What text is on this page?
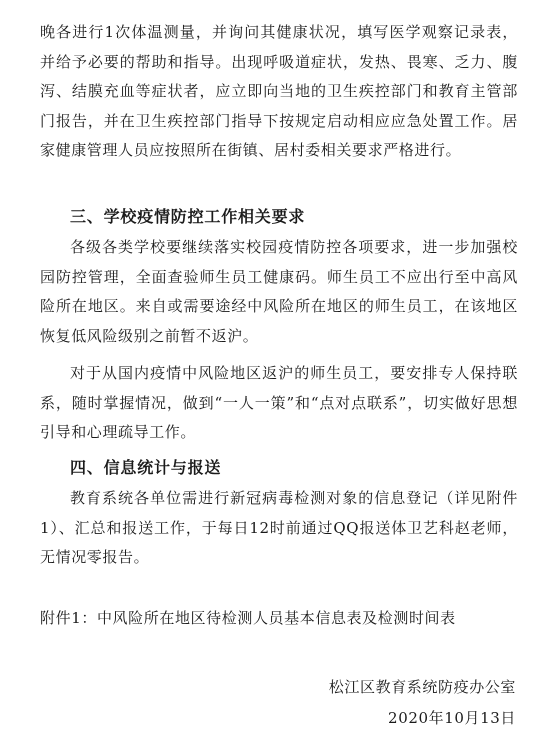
晚各进行1次体温测量，并询问其健康状况，填写医学观察记录表，并给予必要的帮助和指导。出现呼吸道症状，发热、畏寒、乏力、腹泻、结膜充血等症状者，应立即向当地的卫生疾控部门和教育主管部门报告，并在卫生疾控部门指导下按规定启动相应应急处置工作。居家健康管理人员应按照所在街镇、居村委相关要求严格进行。

三、学校疫情防控工作相关要求

各级各类学校要继续落实校园疫情防控各项要求，进一步加强校园防控管理，全面查验师生员工健康码。师生员工不应出行至中高风险所在地区。来自或需要途经中风险所在地区的师生员工，在该地区恢复低风险级别之前暂不返沪。

对于从国内疫情中风险地区返沪的师生员工，要安排专人保持联系，随时掌握情况，做到“一人一策”和“点对点联系”，切实做好思想引导和心理疏导工作。

四、信息统计与报送

教育系统各单位需进行新冠病毒检测对象的信息登记（详见附件1）、汇总和报送工作，于每日12时前通过QQ报送体卫艺科赵老师，无情况零报告。

附件1：中风险所在地区待检测人员基本信息表及检测时间表

松江区教育系统防疫办公室

2020年10月13日
